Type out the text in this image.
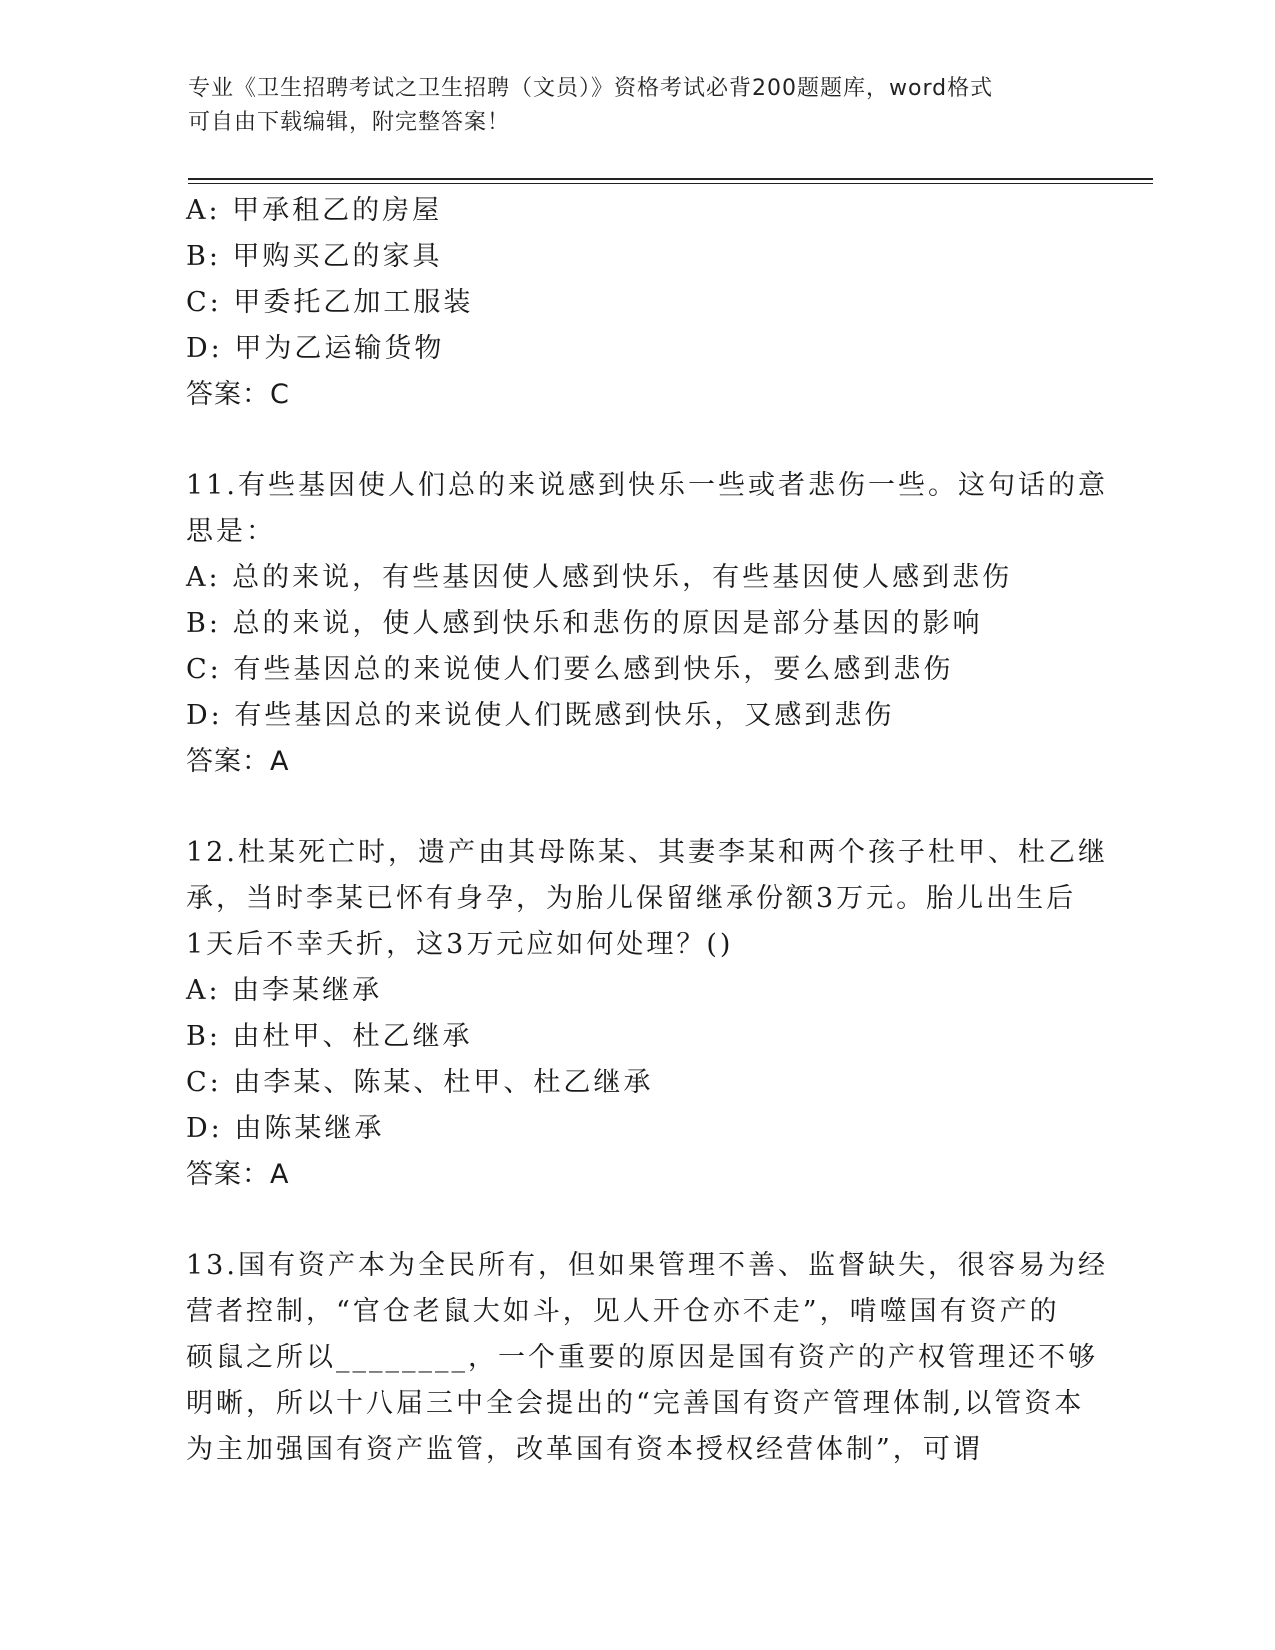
专业《卫生招聘考试之卫生招聘（文员）》资格考试必背200题题库，word格式
可自由下载编辑，附完整答案！
A: 甲承租乙的房屋
B: 甲购买乙的家具
C: 甲委托乙加工服装
D: 甲为乙运输货物
答案：C
11.有些基因使人们总的来说感到快乐一些或者悲伤一些。这句话的意
思是：
A: 总的来说，有些基因使人感到快乐，有些基因使人感到悲伤
B: 总的来说，使人感到快乐和悲伤的原因是部分基因的影响
C: 有些基因总的来说使人们要么感到快乐，要么感到悲伤
D: 有些基因总的来说使人们既感到快乐，又感到悲伤
答案：A
12.杜某死亡时，遗产由其母陈某、其妻李某和两个孩子杜甲、杜乙继
承，当时李某已怀有身孕，为胎儿保留继承份额3万元。胎儿出生后
1天后不幸夭折，这3万元应如何处理？()
A: 由李某继承
B: 由杜甲、杜乙继承
C: 由李某、陈某、杜甲、杜乙继承
D: 由陈某继承
答案：A
13.国有资产本为全民所有，但如果管理不善、监督缺失，很容易为经
营者控制，“官仓老鼠大如斗，见人开仓亦不走”，啃噬国有资产的
硕鼠之所以________，一个重要的原因是国有资产的产权管理还不够
明晰，所以十八届三中全会提出的“完善国有资产管理体制,以管资本
为主加强国有资产监管，改革国有资本授权经营体制”，可谓
